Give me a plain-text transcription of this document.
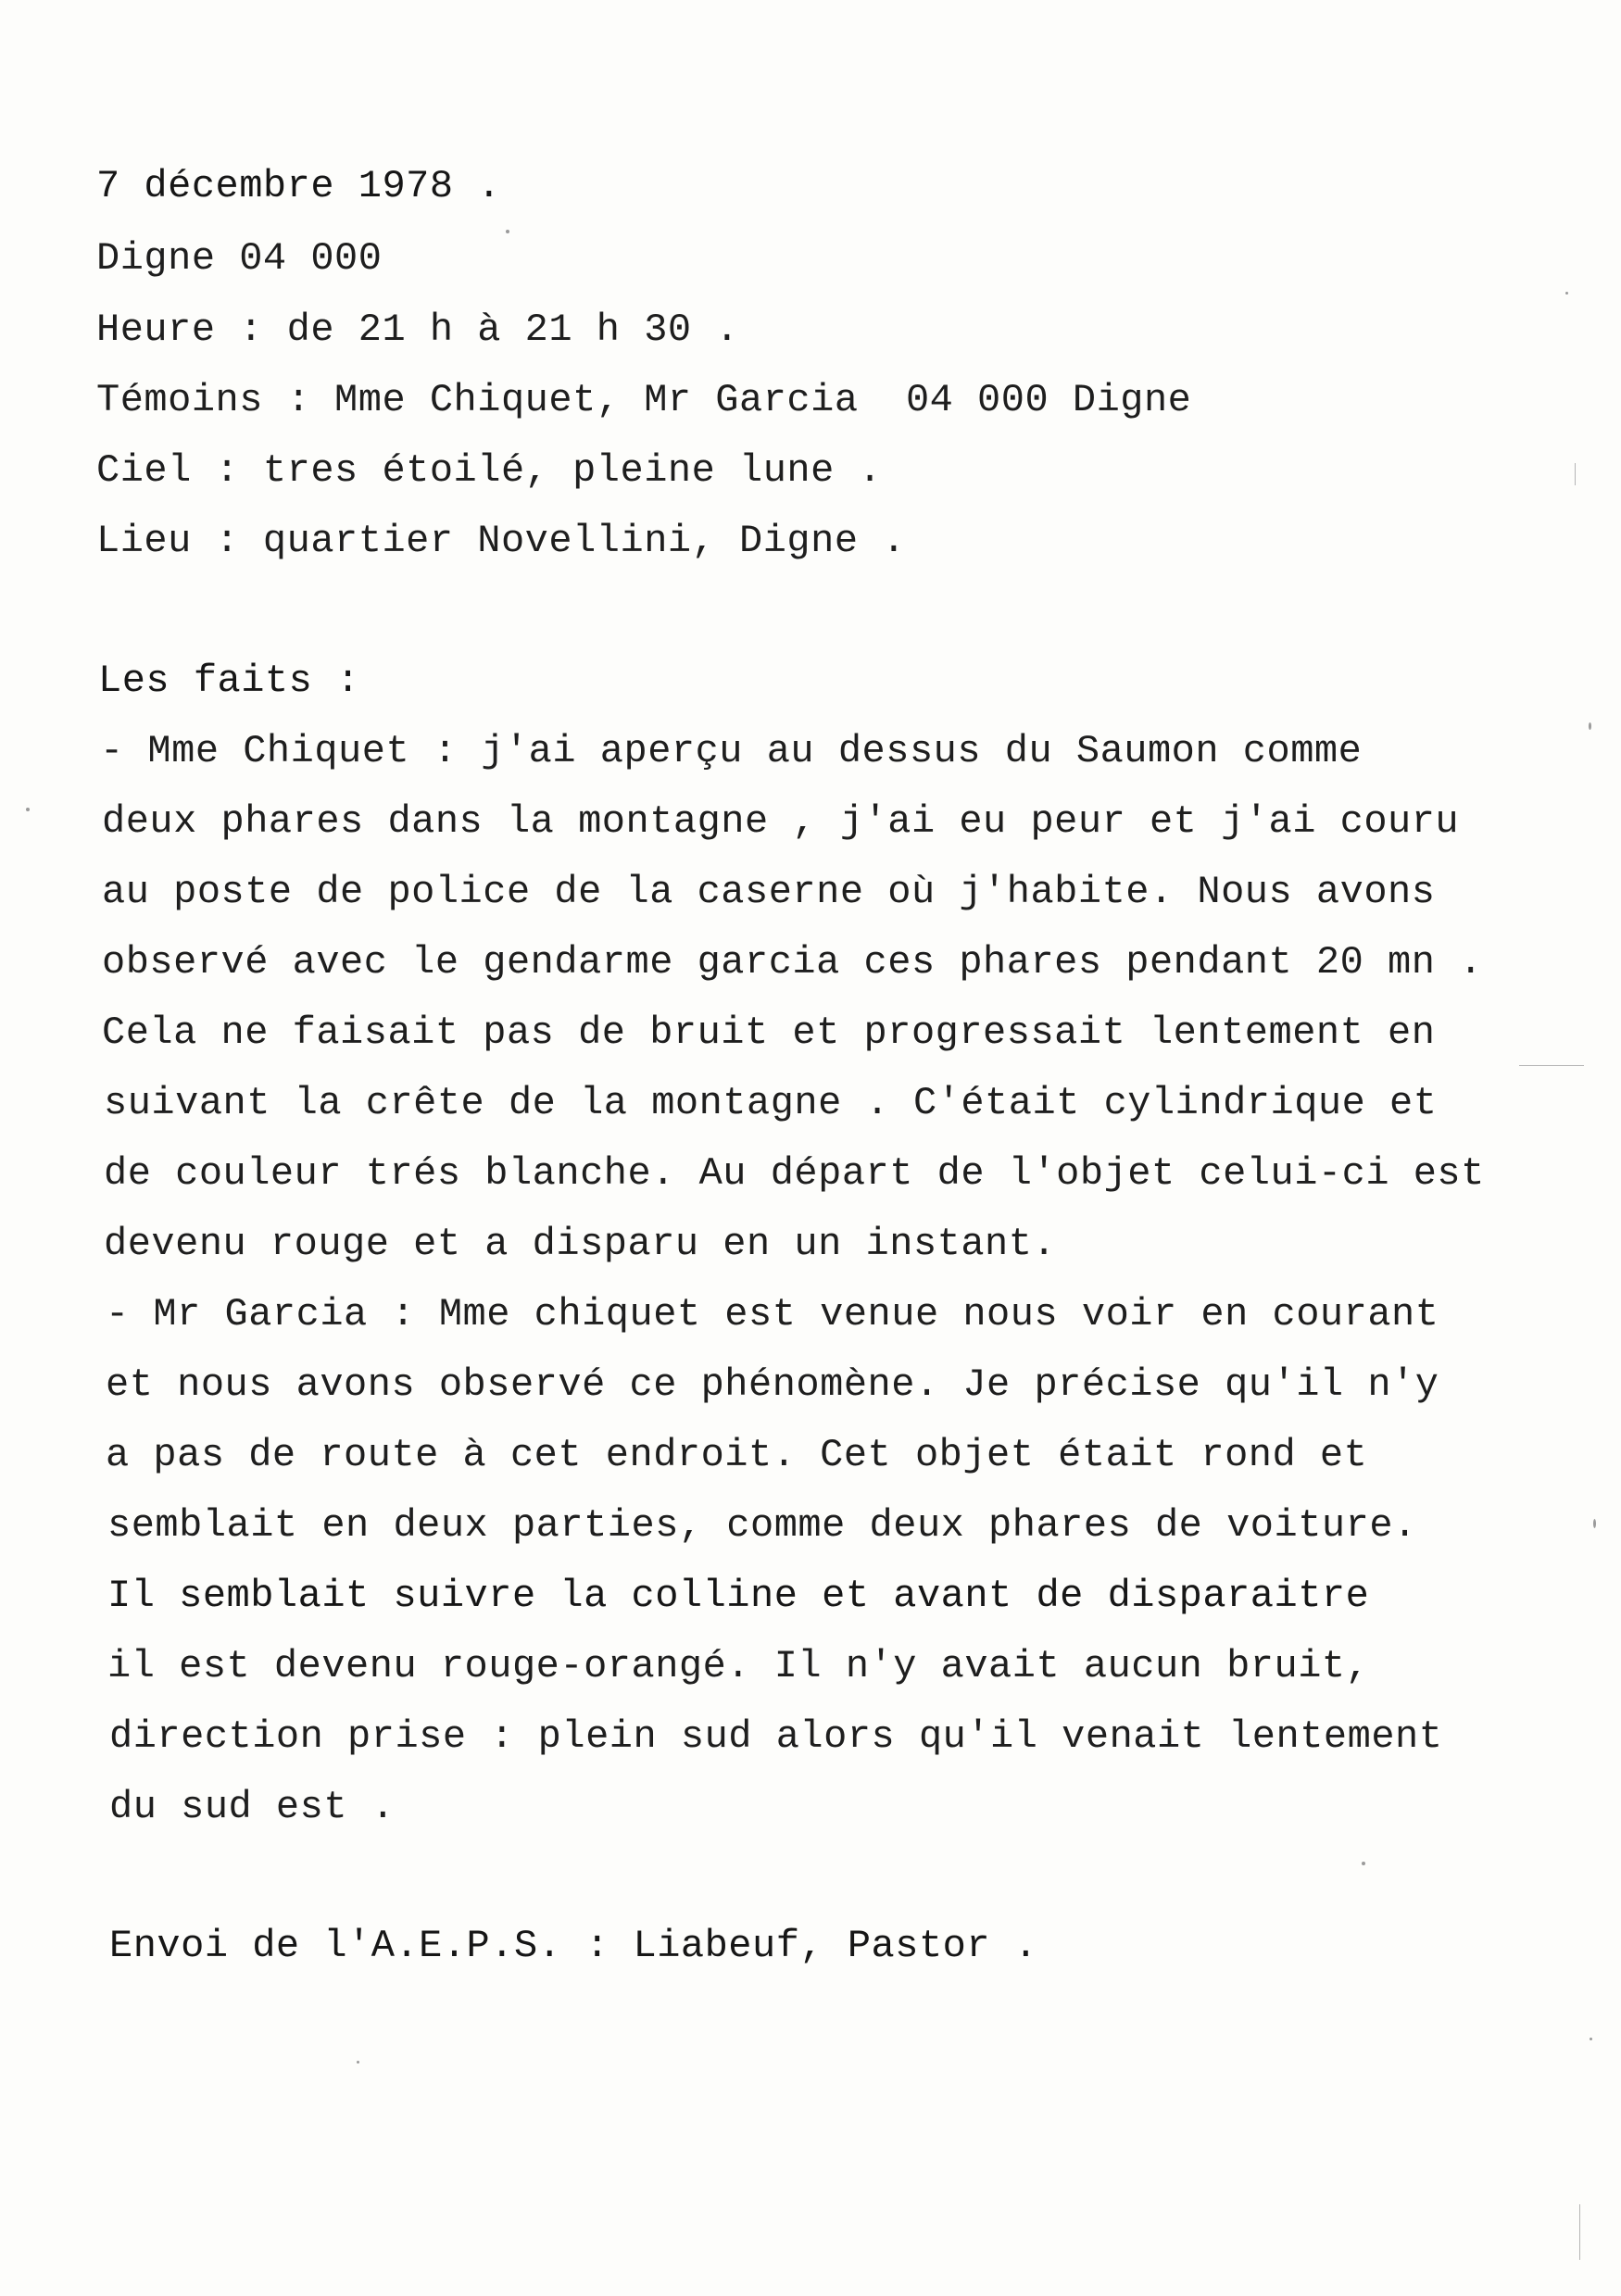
7 décembre 1978 .
Digne 04 000
Heure : de 21 h à 21 h 30 .
Témoins : Mme Chiquet, Mr Garcia  04 000 Digne
Ciel : tres étoilé, pleine lune .
Lieu : quartier Novellini, Digne .
Les faits :
- Mme Chiquet : j'ai aperçu au dessus du Saumon comme
deux phares dans la montagne , j'ai eu peur et j'ai couru
au poste de police de la caserne où j'habite. Nous avons
observé avec le gendarme garcia ces phares pendant 20 mn .
Cela ne faisait pas de bruit et progressait lentement en
suivant la crête de la montagne . C'était cylindrique et
de couleur trés blanche. Au départ de l'objet celui-ci est
devenu rouge et a disparu en un instant.
- Mr Garcia : Mme chiquet est venue nous voir en courant
et nous avons observé ce phénomène. Je précise qu'il n'y
a pas de route à cet endroit. Cet objet était rond et
semblait en deux parties, comme deux phares de voiture.
Il semblait suivre la colline et avant de disparaitre
il est devenu rouge-orangé. Il n'y avait aucun bruit,
direction prise : plein sud alors qu'il venait lentement
du sud est .
Envoi de l'A.E.P.S. : Liabeuf, Pastor .
